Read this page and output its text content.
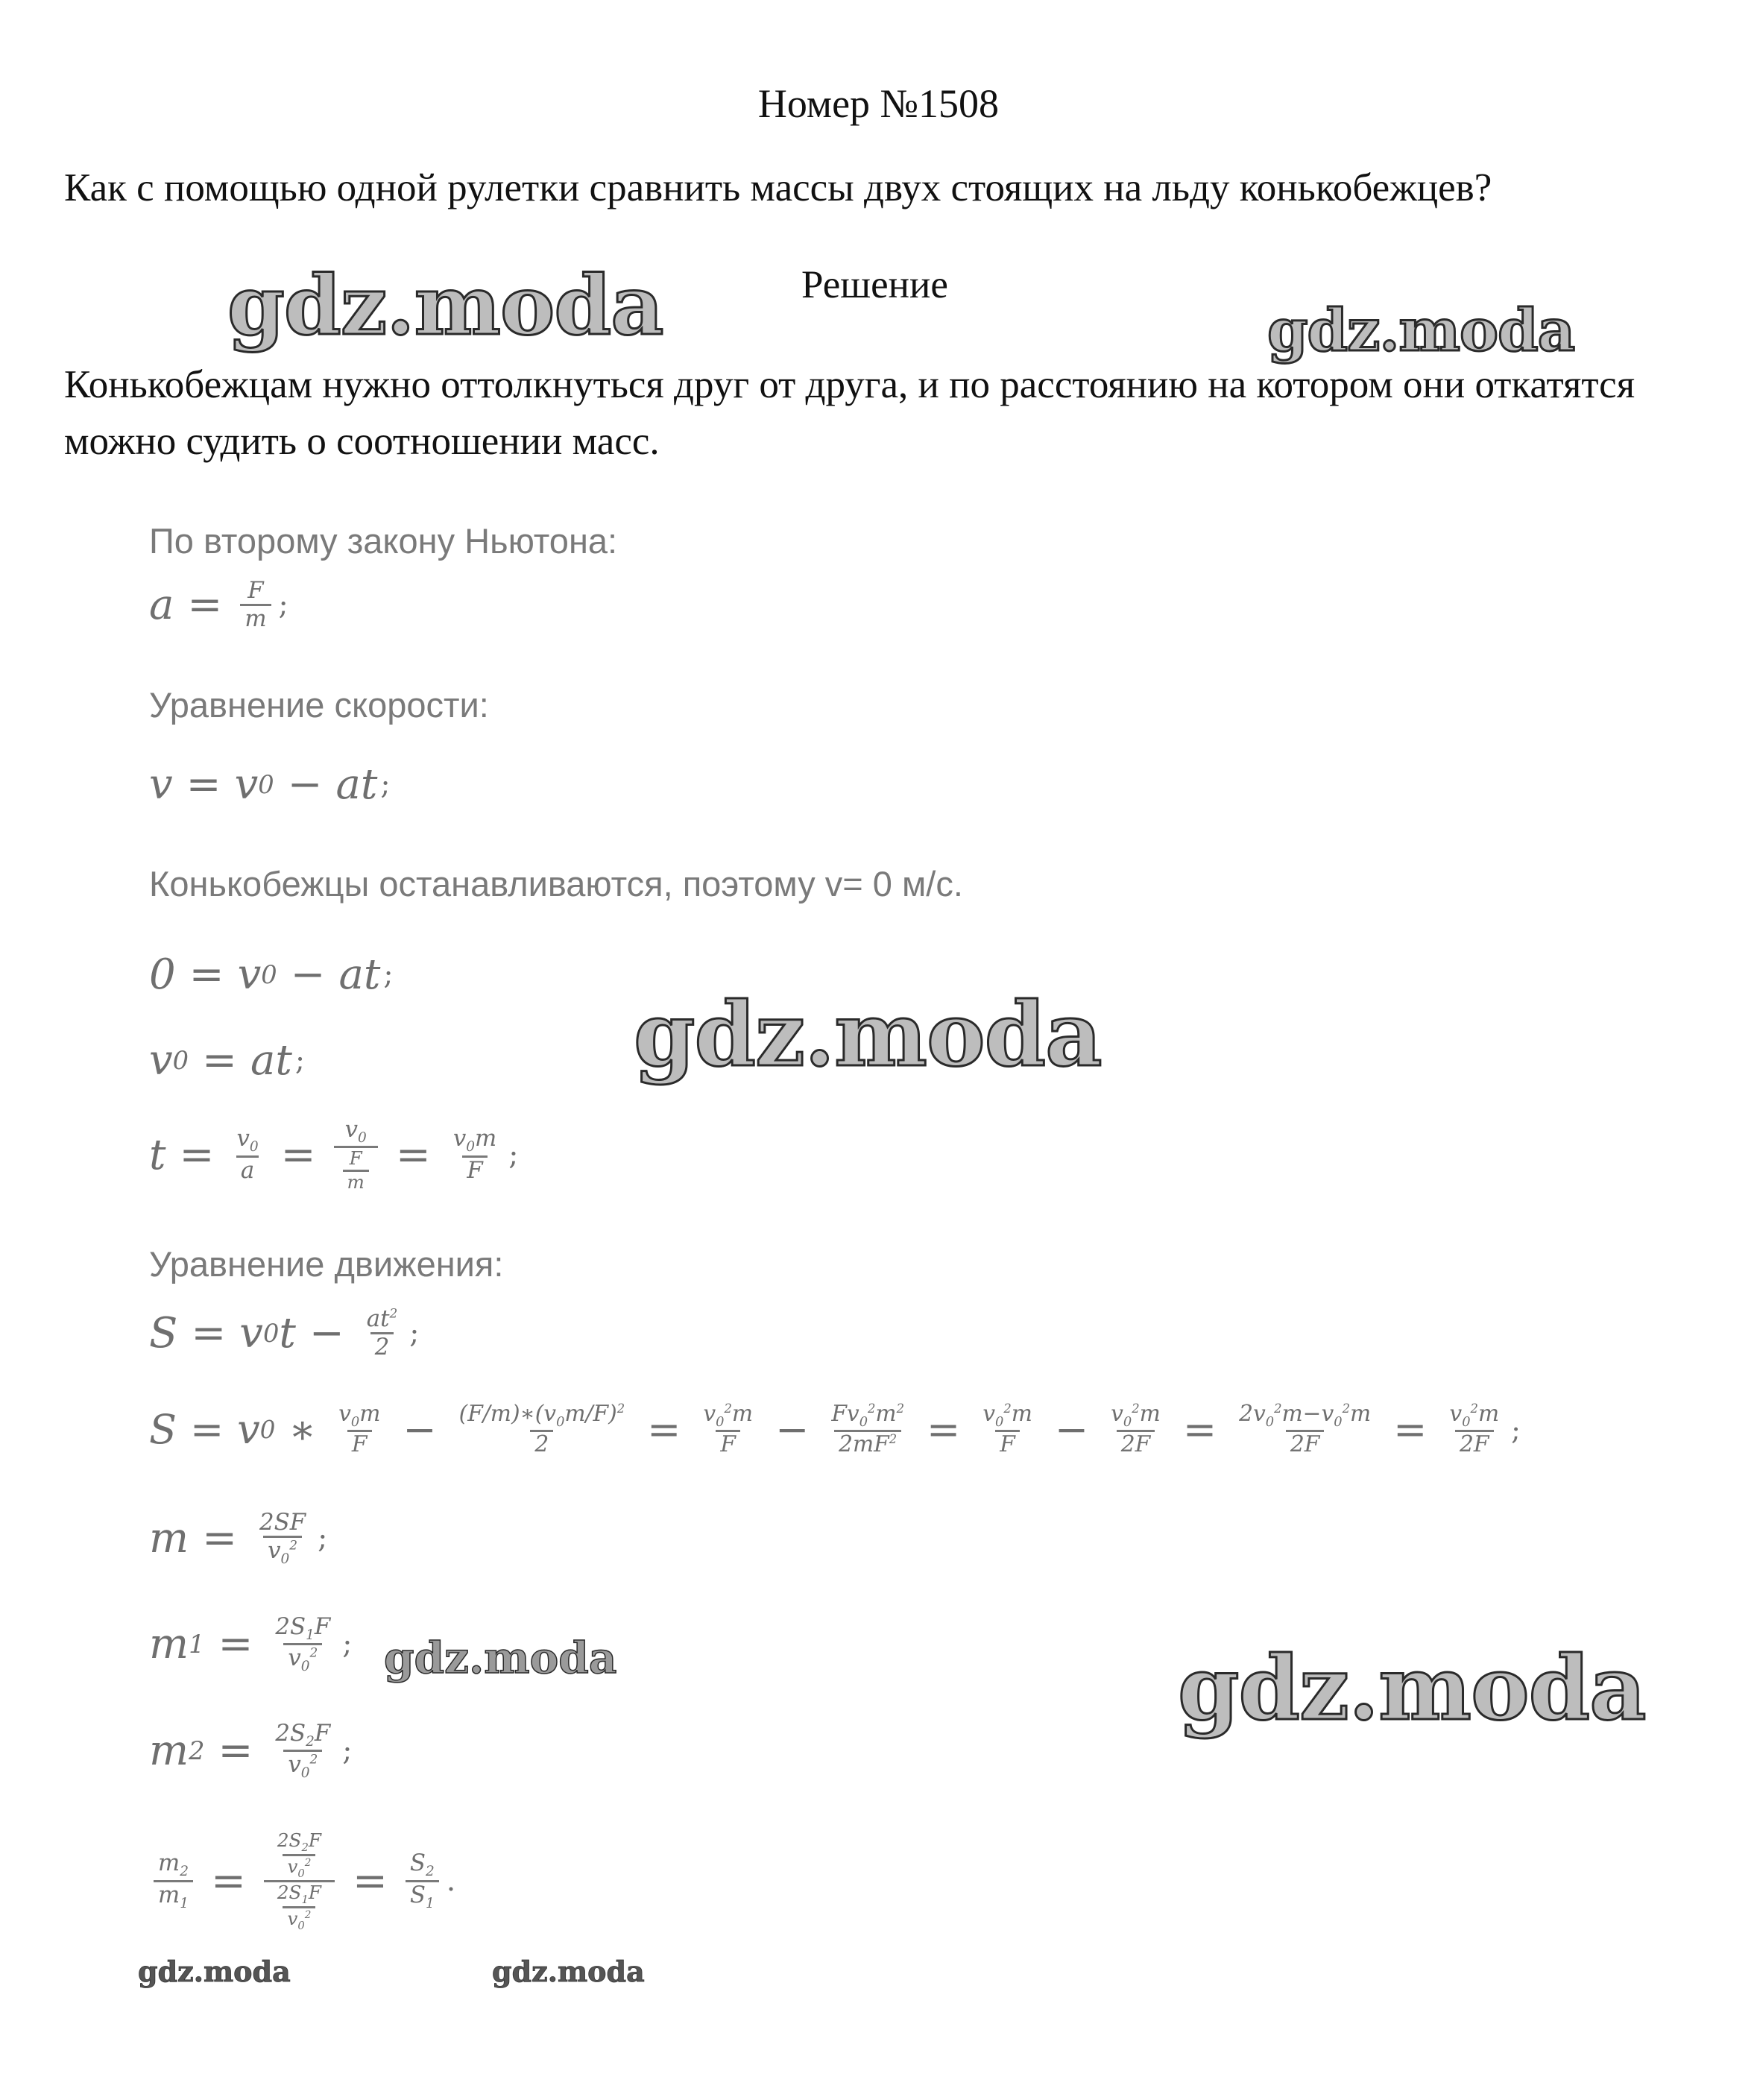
Номер №1508
Как с помощью одной рулетки сравнить массы двух стоящих на льду конькобежцев?
Решение
Конькобежцам нужно оттолкнуться друг от друга, и по расстоянию на котором они откатятся можно судить о соотношении масс.
gdz.moda	gdz.moda
gdz.moda
gdz.moda
gdz.moda
gdz.moda	gdz.moda
По второму закону Ньютона:
$a = \frac{F}{m}$ ;
Уравнение скорости:
v = v 0 − at ;
Конькобежцы останавливаются, поэтому v= 0 м/с.
0 = v 0 − at ;
v 0 = at ;
$t = \frac{v_0}{a} = \frac{v_0}{\frac{F}{m}} = \frac{v_0m}{F}$ ;
Уравнение движения:
S = v 0 $t - \frac{at^2}{2}$ ;
S = v 0 ∗ $\frac{v_0m}{F} - \frac{(F/m)∗(v_0m/F)^2}{2} = \frac{v_0^2m}{F} - \frac{Fv_0^2m^2}{2mF^2} = \frac{v_0^2m}{F} - \frac{v_0^2m}{2F} = \frac{2v_0^2m-v_0^2m}{2F} = \frac{v_0^2m}{2F}$ ;
$m = \frac{2SF}{v_0^2}$ ;
m $1 = \frac{2S_1F}{v_0^2}$ ;
m $2 = \frac{2S_2F}{v_0^2}$ ;
$\frac{m_2}{m_1} = \frac{\frac{2S_2F}{v_0^2}}{\frac{2S_1F}{v_0^2}} = \frac{S_2}{S_1}$ .
